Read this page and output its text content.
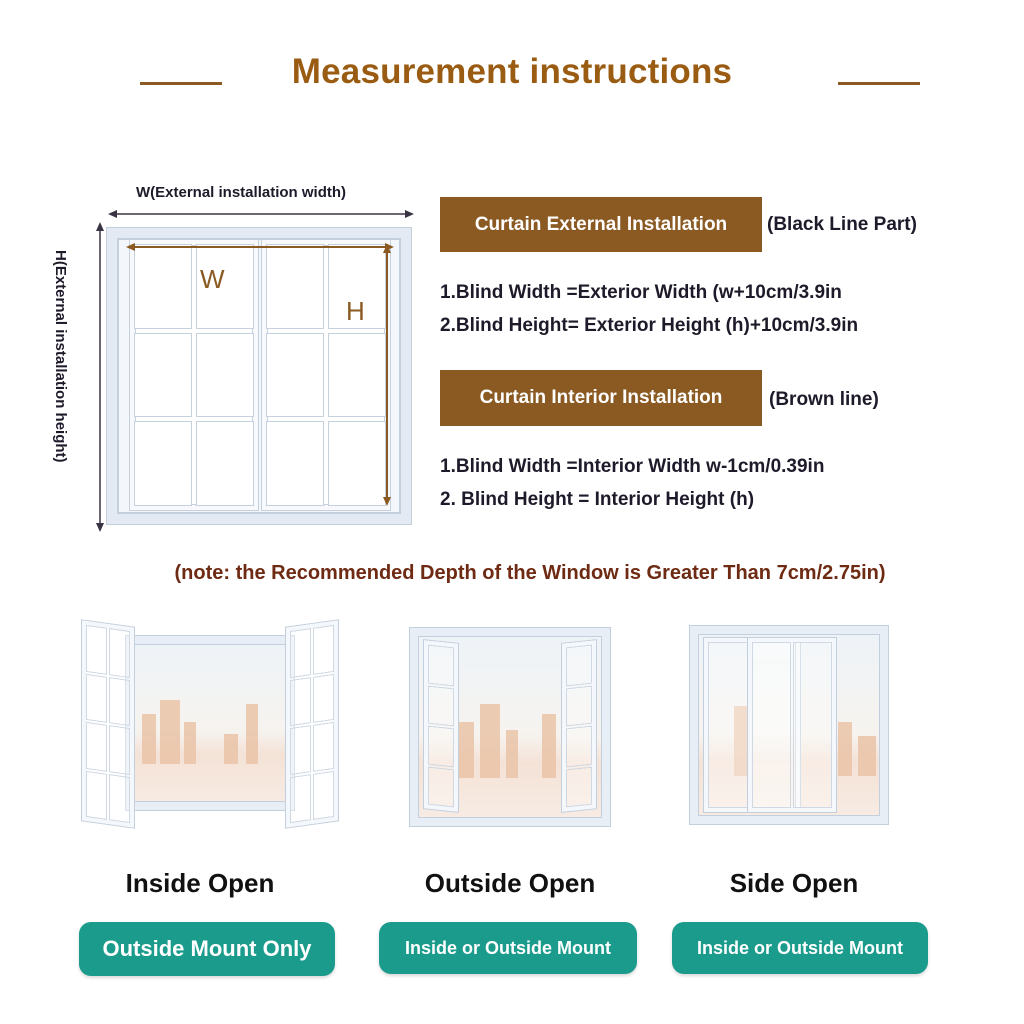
Measurement instructions
W(External installation width)
H(External installation height)	W
H
Curtain External Installation	(Black Line Part)
1.Blind Width =Exterior Width (w+10cm/3.9in
2.Blind Height= Exterior Height (h)+10cm/3.9in
Curtain Interior Installation	(Brown line)
1.Blind Width =Interior Width w-1cm/0.39in
2. Blind Height = Interior Height (h)
(note: the Recommended Depth of the Window is Greater Than 7cm/2.75in)
Inside Open	Outside Open	Side Open
Outside Mount Only	Inside or Outside Mount	Inside or Outside Mount
